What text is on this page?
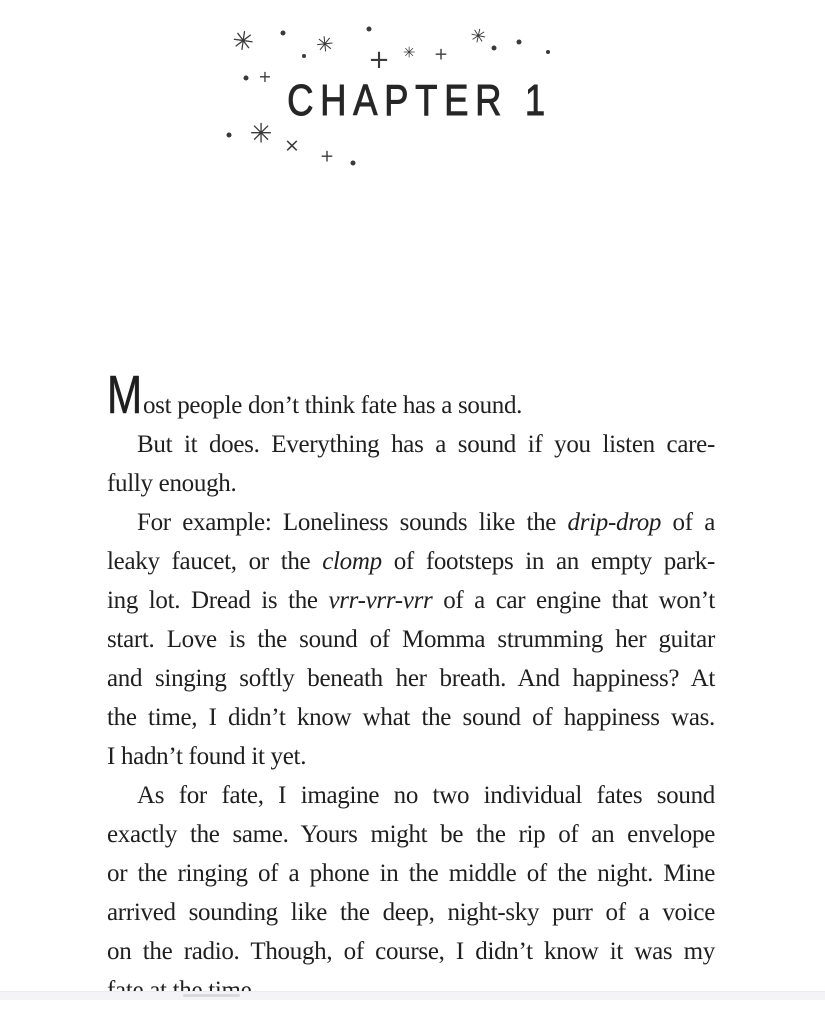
✳	✳
+ ✳ +
✳
+
✳ × +
CHAPTER 1
Most people don’t think fate has a sound.
But it does. Everything has a sound if you listen care-
fully enough.
For example: Loneliness sounds like the drip-drop of a
leaky faucet, or the clomp of footsteps in an empty park-
ing lot. Dread is the vrr-vrr-vrr of a car engine that won’t
start. Love is the sound of Momma strumming her guitar
and singing softly beneath her breath. And happiness? At
the time, I didn’t know what the sound of happiness was.
I hadn’t found it yet.
As for fate, I imagine no two individual fates sound
exactly the same. Yours might be the rip of an envelope
or the ringing of a phone in the middle of the night. Mine
arrived sounding like the deep, night-sky purr of a voice
on the radio. Though, of course, I didn’t know it was my
